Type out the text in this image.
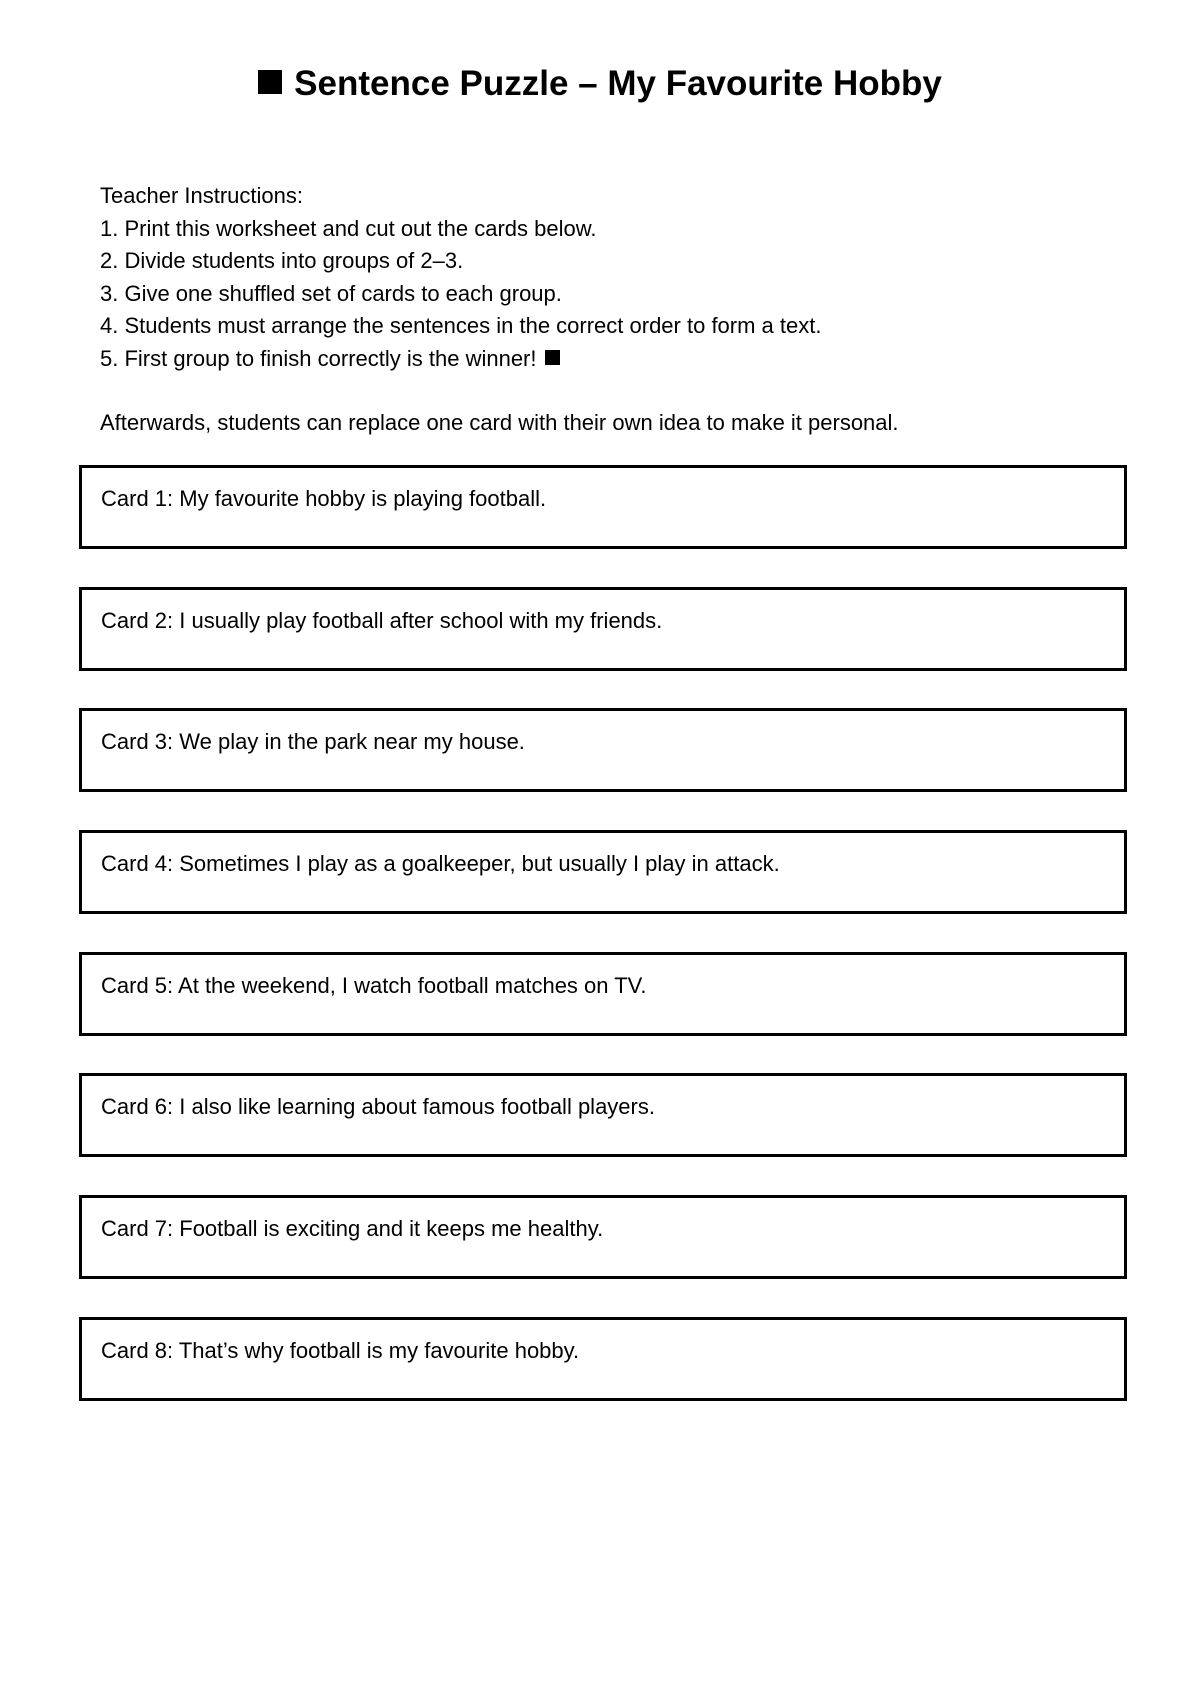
Sentence Puzzle – My Favourite Hobby
Teacher Instructions:
1. Print this worksheet and cut out the cards below.
2. Divide students into groups of 2–3.
3. Give one shuffled set of cards to each group.
4. Students must arrange the sentences in the correct order to form a text.
5. First group to finish correctly is the winner!
Afterwards, students can replace one card with their own idea to make it personal.
Card 1: My favourite hobby is playing football.
Card 2: I usually play football after school with my friends.
Card 3: We play in the park near my house.
Card 4: Sometimes I play as a goalkeeper, but usually I play in attack.
Card 5: At the weekend, I watch football matches on TV.
Card 6: I also like learning about famous football players.
Card 7: Football is exciting and it keeps me healthy.
Card 8: That’s why football is my favourite hobby.
